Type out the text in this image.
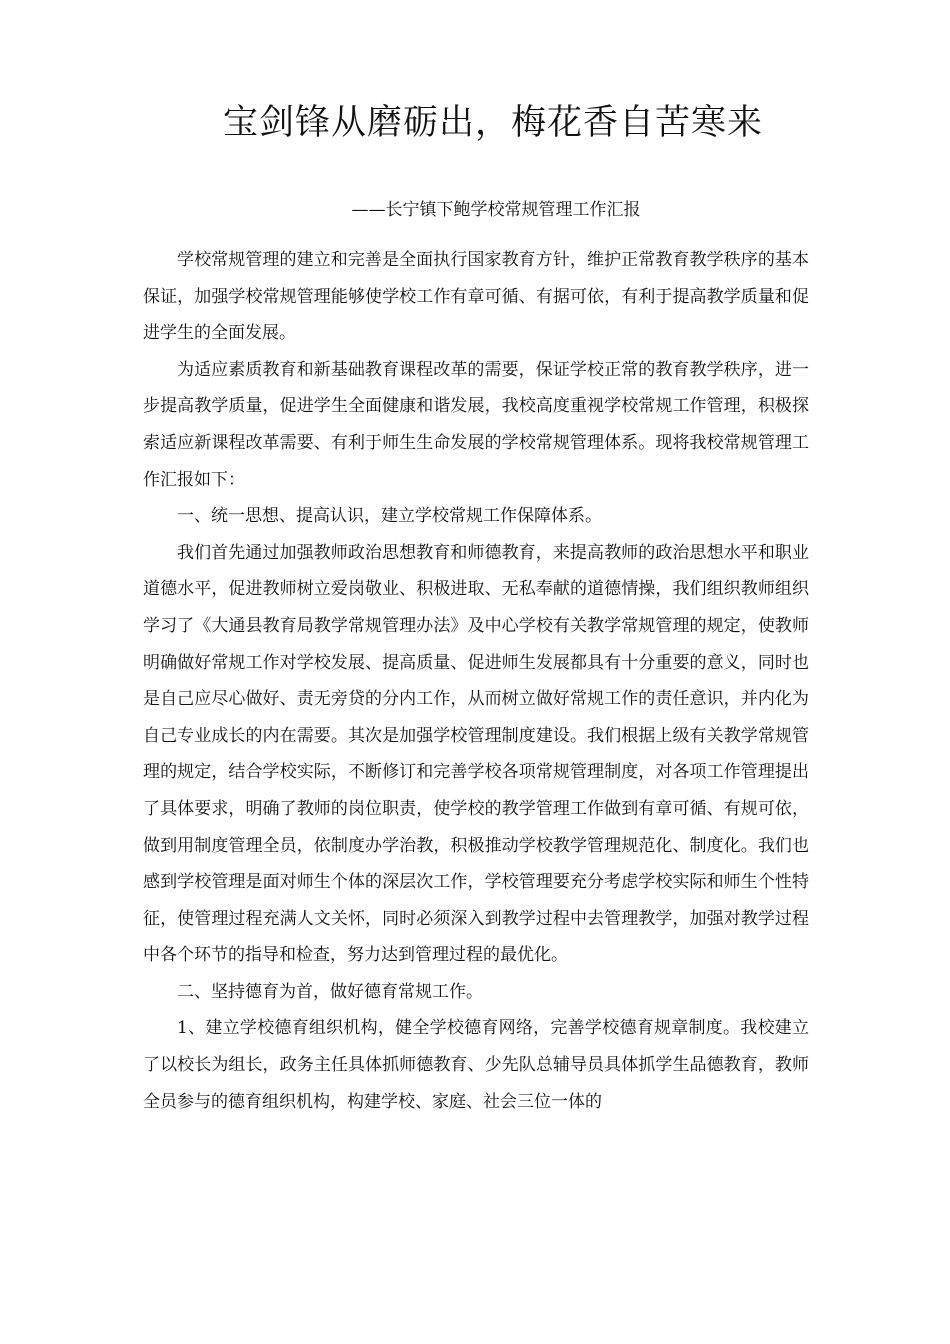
宝剑锋从磨砺出，梅花香自苦寒来
——长宁镇下鲍学校常规管理工作汇报

学校常规管理的建立和完善是全面执行国家教育方针，维护正常教育教学秩序的基本保证，加强学校常规管理能够使学校工作有章可循、有据可依，有利于提高教学质量和促进学生的全面发展。

为适应素质教育和新基础教育课程改革的需要，保证学校正常的教育教学秩序，进一步提高教学质量，促进学生全面健康和谐发展，我校高度重视学校常规工作管理，积极探索适应新课程改革需要、有利于师生生命发展的学校常规管理体系。现将我校常规管理工作汇报如下：

一、统一思想、提高认识，建立学校常规工作保障体系。

我们首先通过加强教师政治思想教育和师德教育，来提高教师的政治思想水平和职业道德水平，促进教师树立爱岗敬业、积极进取、无私奉献的道德情操，我们组织教师组织学习了《大通县教育局教学常规管理办法》及中心学校有关教学常规管理的规定，使教师明确做好常规工作对学校发展、提高质量、促进师生发展都具有十分重要的意义，同时也是自己应尽心做好、责无旁贷的分内工作，从而树立做好常规工作的责任意识，并内化为自己专业成长的内在需要。其次是加强学校管理制度建设。我们根据上级有关教学常规管理的规定，结合学校实际，不断修订和完善学校各项常规管理制度，对各项工作管理提出了具体要求，明确了教师的岗位职责，使学校的教学管理工作做到有章可循、有规可依，做到用制度管理全员，依制度办学治教，积极推动学校教学管理规范化、制度化。我们也感到学校管理是面对师生个体的深层次工作，学校管理要充分考虑学校实际和师生个性特征，使管理过程充满人文关怀，同时必须深入到教学过程中去管理教学，加强对教学过程中各个环节的指导和检查，努力达到管理过程的最优化。

二、坚持德育为首，做好德育常规工作。

1、建立学校德育组织机构，健全学校德育网络，完善学校德育规章制度。我校建立了以校长为组长，政务主任具体抓师德教育、少先队总辅导员具体抓学生品德教育，教师全员参与的德育组织机构，构建学校、家庭、社会三位一体的
